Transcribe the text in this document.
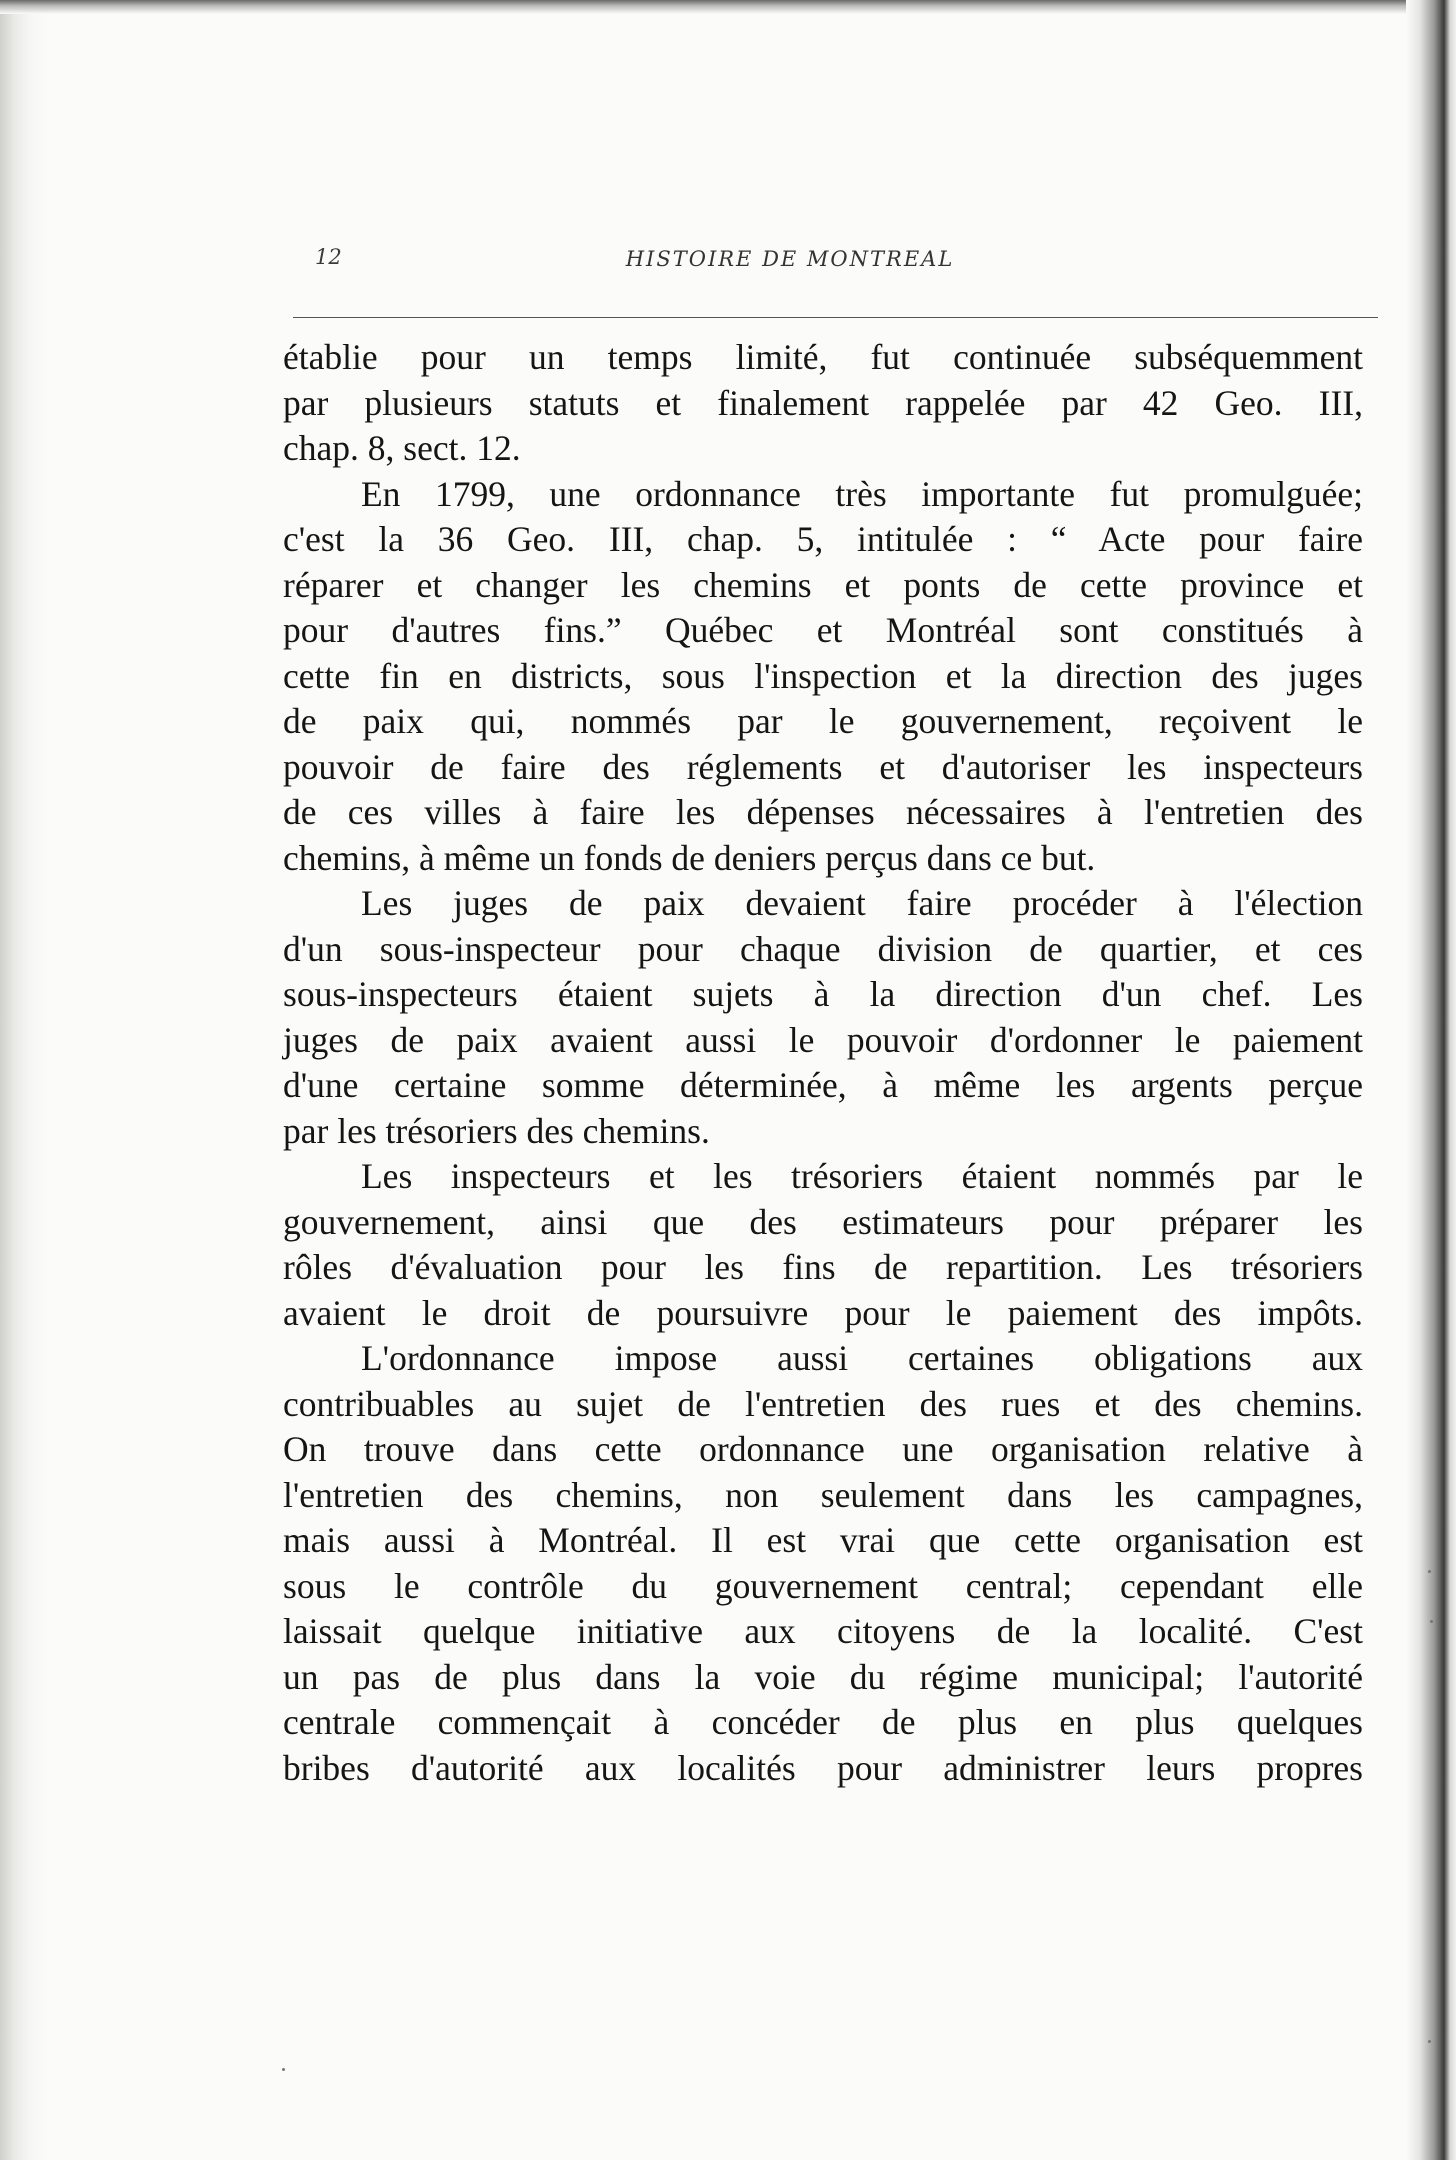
12	HISTOIRE DE MONTREAL
établie pour un temps limité, fut continuée subséquemment
par plusieurs statuts et finalement rappelée par 42 Geo. III,
chap. 8, sect. 12.
En 1799, une ordonnance très importante fut promulguée;
c'est la 36 Geo. III, chap. 5, intitulée : “ Acte pour faire
réparer et changer les chemins et ponts de cette province et
pour d'autres fins.” Québec et Montréal sont constitués à
cette fin en districts, sous l'inspection et la direction des juges
de paix qui, nommés par le gouvernement, reçoivent le
pouvoir de faire des réglements et d'autoriser les inspecteurs
de ces villes à faire les dépenses nécessaires à l'entretien des
chemins, à même un fonds de deniers perçus dans ce but.
Les juges de paix devaient faire procéder à l'élection
d'un sous-inspecteur pour chaque division de quartier, et ces
sous-inspecteurs étaient sujets à la direction d'un chef. Les
juges de paix avaient aussi le pouvoir d'ordonner le paiement
d'une certaine somme déterminée, à même les argents perçue
par les trésoriers des chemins.
Les inspecteurs et les trésoriers étaient nommés par le
gouvernement, ainsi que des estimateurs pour préparer les
rôles d'évaluation pour les fins de repartition. Les trésoriers
avaient le droit de poursuivre pour le paiement des impôts.
L'ordonnance impose aussi certaines obligations aux
contribuables au sujet de l'entretien des rues et des chemins.
On trouve dans cette ordonnance une organisation relative à
l'entretien des chemins, non seulement dans les campagnes,
mais aussi à Montréal. Il est vrai que cette organisation est
sous le contrôle du gouvernement central; cependant elle
laissait quelque initiative aux citoyens de la localité. C'est
un pas de plus dans la voie du régime municipal; l'autorité
centrale commençait à concéder de plus en plus quelques
bribes d'autorité aux localités pour administrer leurs propres
